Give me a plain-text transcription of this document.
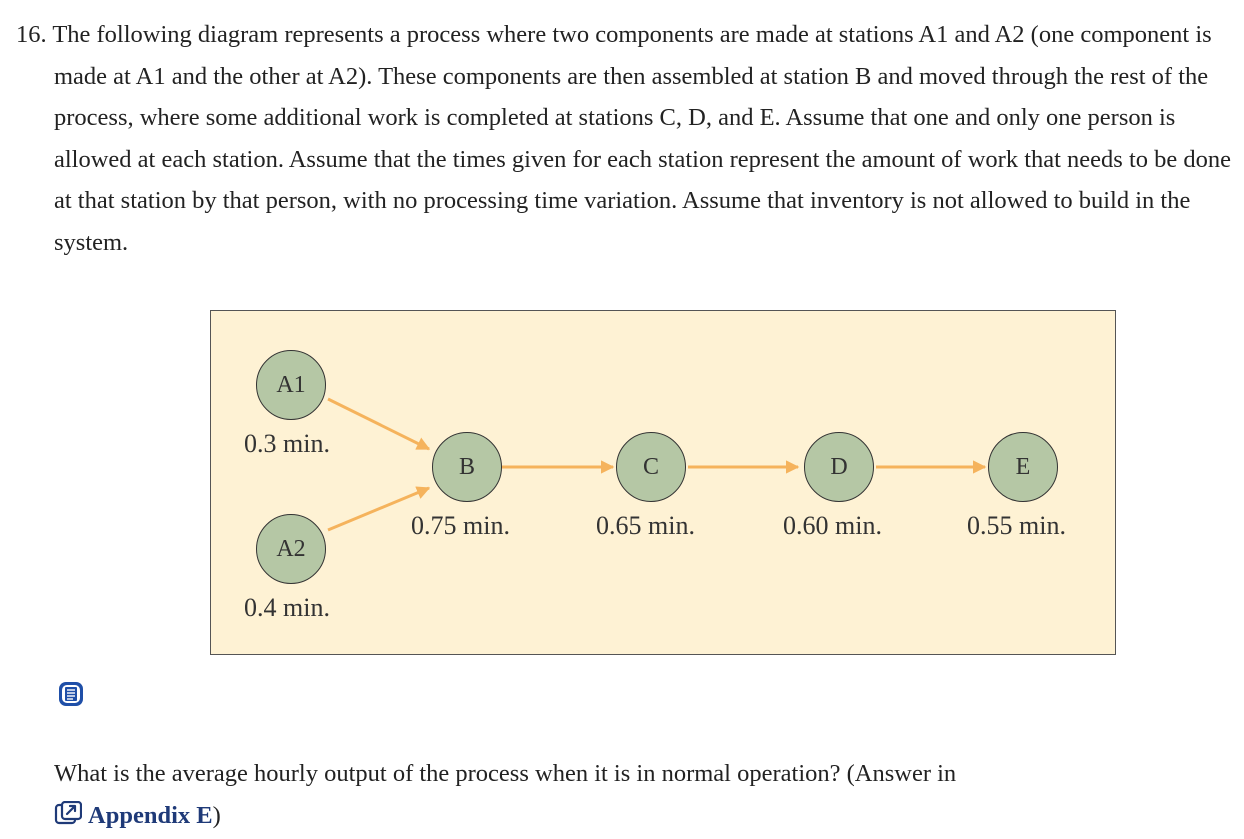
16. The following diagram represents a process where two components are made at stations A1 and A2 (one component is made at A1 and the other at A2). These components are then assembled at station B and moved through the rest of the process, where some additional work is completed at stations C, D, and E. Assume that one and only one person is allowed at each station. Assume that the times given for each station represent the amount of work that needs to be done at that station by that person, with no processing time variation. Assume that inventory is not allowed to build in the system.
A1
0.3 min.
A2
0.4 min.
B
0.75 min.
C
0.65 min.
D
0.60 min.
E
0.55 min.
What is the average hourly output of the process when it is in normal operation? (Answer in
Appendix E)
